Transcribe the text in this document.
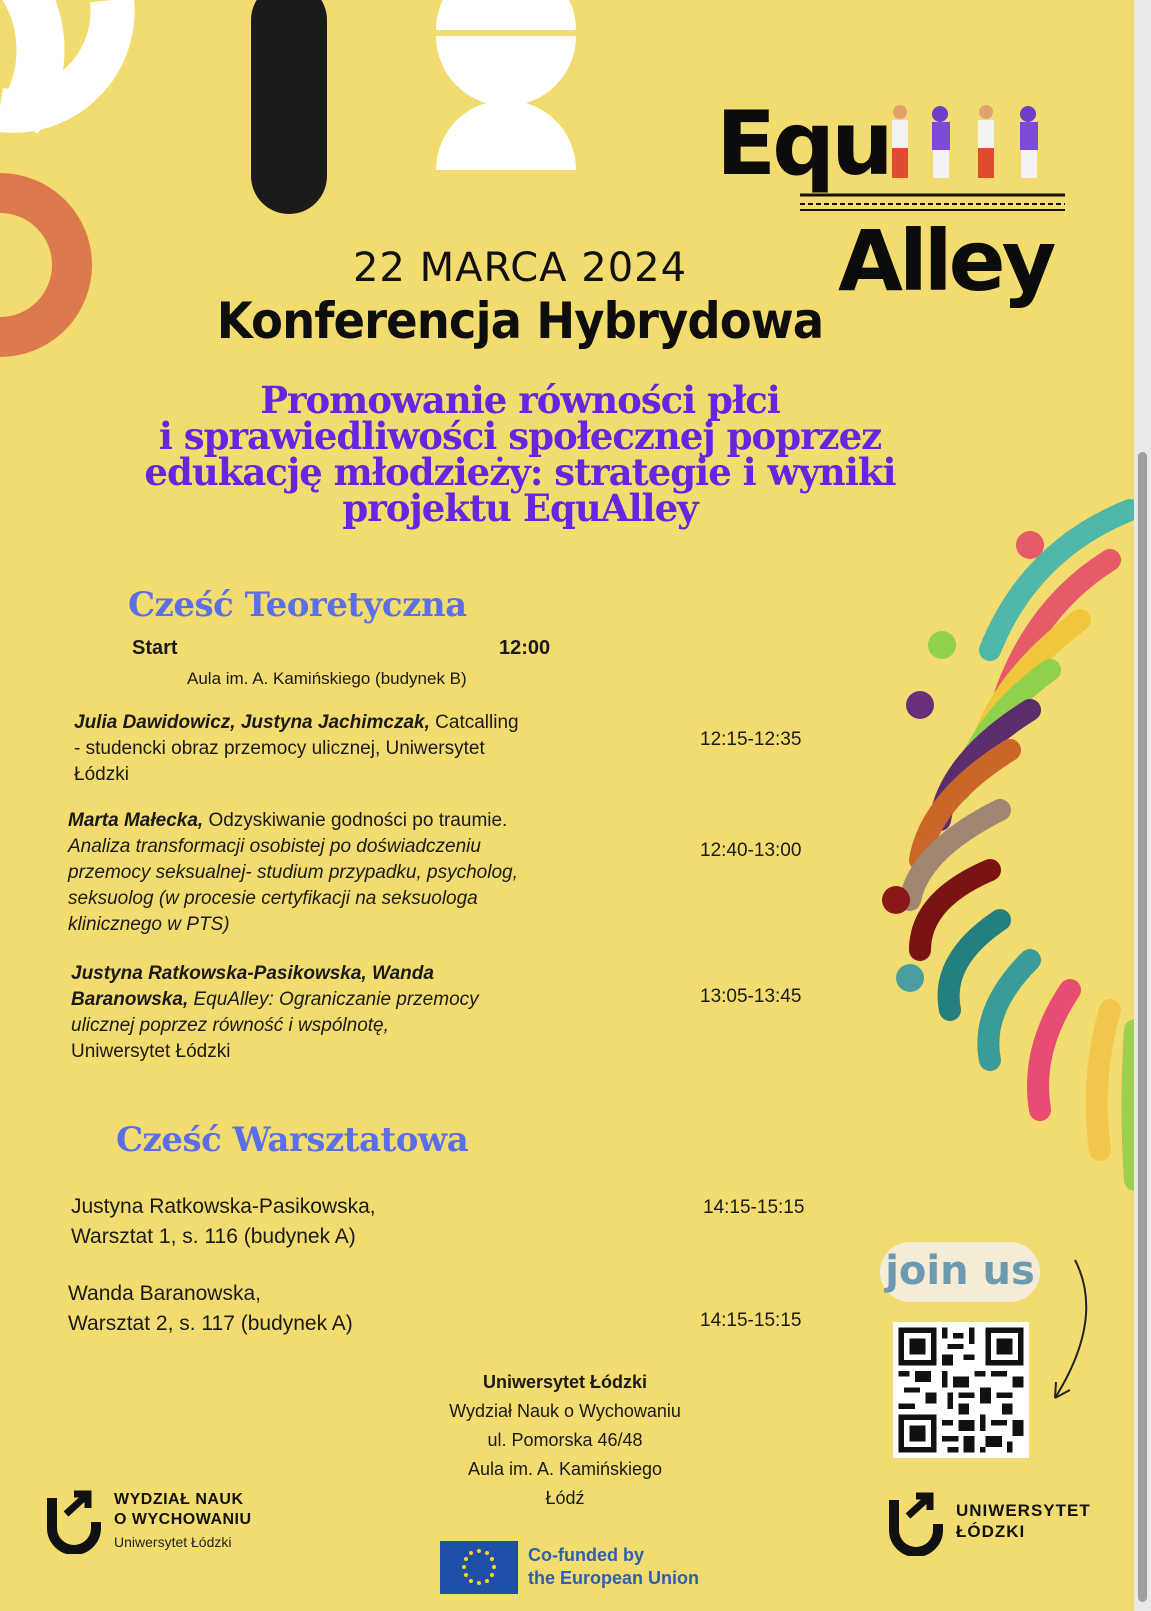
Equ
Alley
22 MARCA 2024
Konferencja Hybrydowa
Promowanie równości płci
i sprawiedliwości społecznej poprzez
edukację młodzieży: strategie i wyniki
projektu EquAlley
Cześć Teoretyczna
Start	12:00
Aula im. A. Kamińskiego (budynek B)
Julia Dawidowicz, Justyna Jachimczak, Catcalling
- studencki obraz przemocy ulicznej, Uniwersytet
Łódzki
12:15-12:35
Marta Małecka, Odzyskiwanie godności po traumie.
Analiza transformacji osobistej po doświadczeniu
przemocy seksualnej- studium przypadku, psycholog,
seksuolog (w procesie certyfikacji na seksuologa
klinicznego w PTS)
12:40-13:00
Justyna Ratkowska-Pasikowska, Wanda
Baranowska, EquAlley: Ograniczanie przemocy
ulicznej poprzez równość i wspólnotę,
Uniwersytet Łódzki
13:05-13:45
Cześć Warsztatowa
Justyna Ratkowska-Pasikowska,
Warsztat 1, s. 116 (budynek A)
14:15-15:15
Wanda Baranowska,
Warsztat 2, s. 117 (budynek A)	14:15-15:15
join us
Uniwersytet Łódzki
Wydział Nauk o Wychowaniu
ul. Pomorska 46/48
Aula im. A. Kamińskiego
Łódź
WYDZIAŁ NAUK
O WYCHOWANIU
Uniwersytet Łódzki
Co-funded by
the European Union
UNIWERSYTET
ŁÓDZKI
